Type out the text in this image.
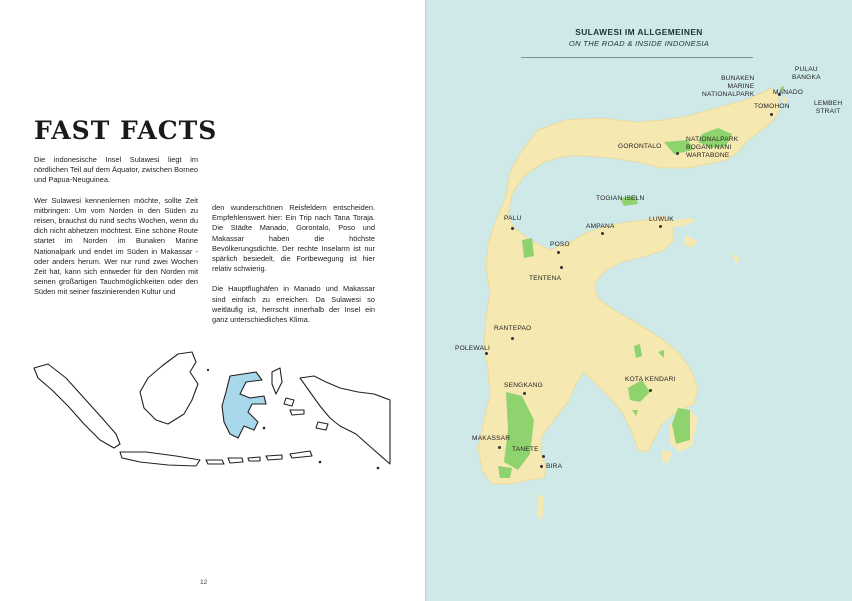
FAST FACTS

Die indonesische Insel Sulawesi liegt im nördlichen Teil auf dem Äquator, zwischen Borneo und Papua-Neuguinea.

Wer Sulawesi kennenlernen möchte, sollte Zeit mitbringen: Um vom Norden in den Süden zu reisen, brauchst du rund sechs Wochen, wenn du dich nicht abhetzen möchtest. Eine schöne Route startet im Norden im Bunaken Marine Nationalpark und endet im Süden in Makassar - oder anders herum. Wer nur rund zwei Wochen Zeit hat, kann sich entweder für den Norden mit seinen großartigen Tauchmöglichkeiten oder den Süden mit seiner faszinierenden Kultur und

den wunderschönen Reisfeldern entscheiden. Empfehlenswert hier: Ein Trip nach Tana Toraja. Die Städte Manado, Gorontalo, Poso und Makassar haben die höchste Bevölkerungsdichte. Der rechte Inselarm ist nur spärlich besiedelt, die Fortbewegung ist hier relativ schwierig.

Die Hauptflughäfen in Manado und Makassar sind einfach zu erreichen. Da Sulawesi so weitläufig ist, herrscht innerhalb der Insel ein ganz unterschiedliches Klima.

12
SULAWESI IM ALLGEMEINEN
ON THE ROAD & INSIDE INDONESIA
PULAU
BANGKA
BUNAKEN
MARINE
NATIONALPARK	MANADO
LEMBEH
STRAIT
TOMOHON
GORONTALO
NATIONALPARK
BOGANI NANI
WARTABONE
TOGIAN ISELN
LUWUK
PALU
AMPANA
POSO
TENTENA
RANTEPAO
POLEWALI
KOTA KENDARI
SENGKANG
MAKASSAR
TANETE
BIRA
